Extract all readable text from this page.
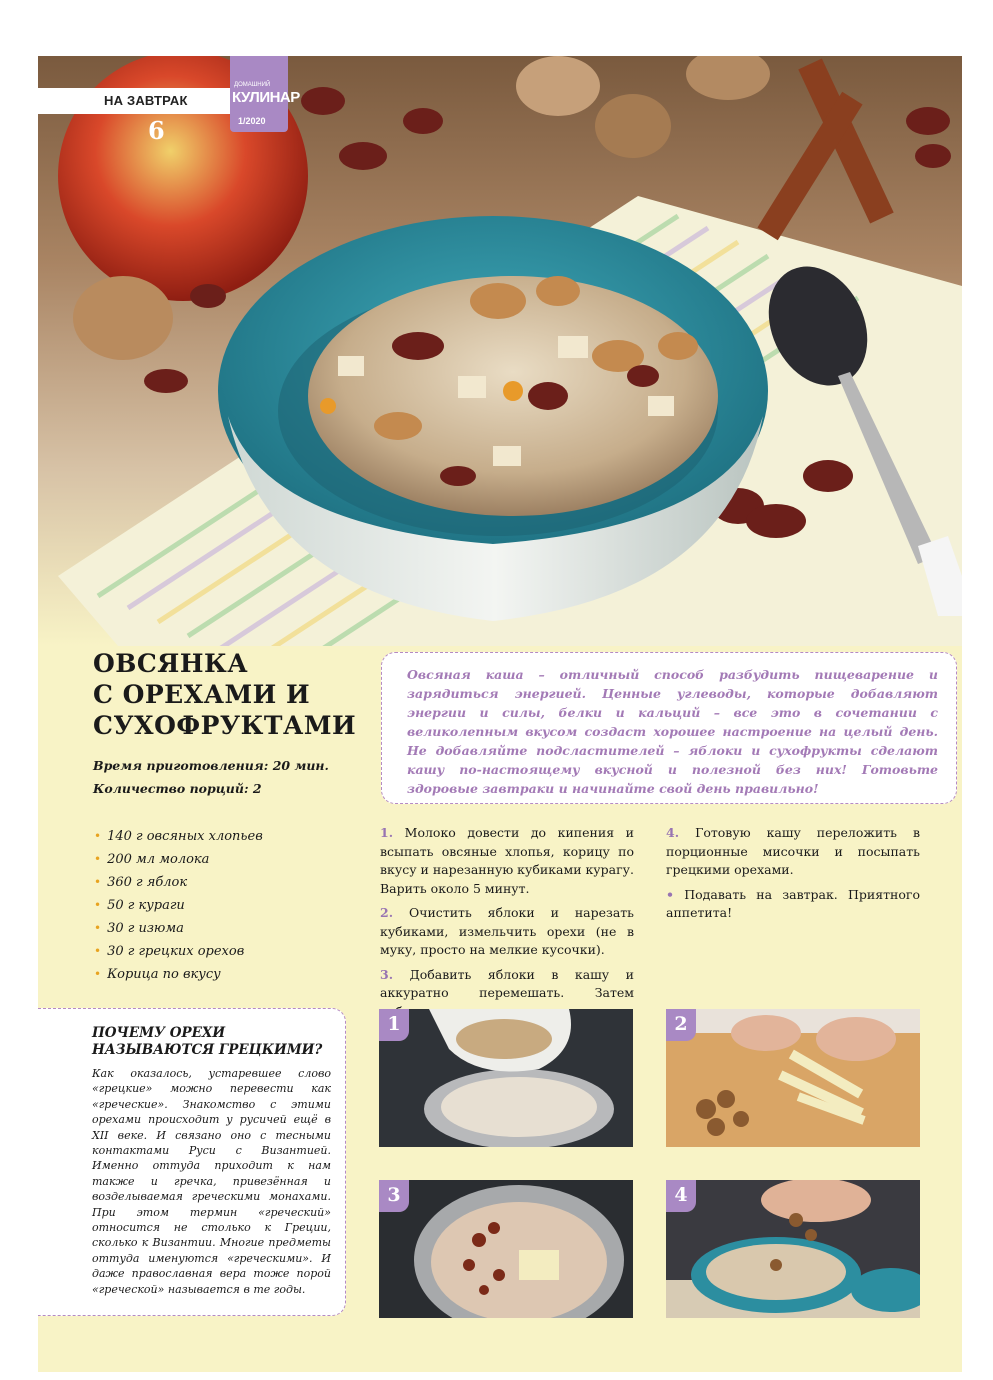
НА ЗАВТРАК
6
ДОМАШНИЙ
КУЛИНАР
1/2020
ОВСЯНКА
С ОРЕХАМИ И
СУХОФРУКТАМИ
Время приготовления: 20 мин.
Количество порций: 2

Овсяная каша – отличный способ разбудить пищеварение и зарядиться энергией. Ценные углеводы, которые добавляют энергии и силы, белки и кальций – все это в сочетании с великолепным вкусом создаст хорошее настроение на целый день. Не добавляйте подсластителей – яблоки и сухофрукты сделают кашу по-настоящему вкусной и полезной без них! Готовьте здоровые завтраки и начинайте свой день правильно!

• 140 г овсяных хлопьев
• 200 мл молока
• 360 г яблок
• 50 г кураги
• 30 г изюма
• 30 г грецких орехов
• Корица по вкусу

1. Молоко довести до кипения и всыпать овсяные хлопья, корицу по вкусу и нарезанную кубиками курагу. Варить около 5 минут.

2. Очистить яблоки и нарезать кубиками, измельчить орехи (не в муку, просто на мелкие кусочки).

3. Добавить яблоки в кашу и аккуратно перемешать. Затем

4. Готовую кашу переложить в порционные мисочки и посыпать грецкими орехами.

• Подавать на завтрак. Приятного аппетита!

ПОЧЕМУ ОРЕХИ НАЗЫВАЮТСЯ ГРЕЦКИМИ?

Как оказалось, устаревшее слово «грецкие» можно перевести как «греческие». Знакомство с этими орехами происходит у русичей ещё в XII веке. И связано оно с тесными контактами Руси с Византией. Именно оттуда приходит к нам также и гречка, привезённая и возделываемая греческими монахами. При этом термин «греческий» относится не столько к Греции, сколько к Византии. Многие предметы оттуда именуются «греческими». И даже православная вера тоже порой «греческой» называется в те годы.

1	2
3	4
